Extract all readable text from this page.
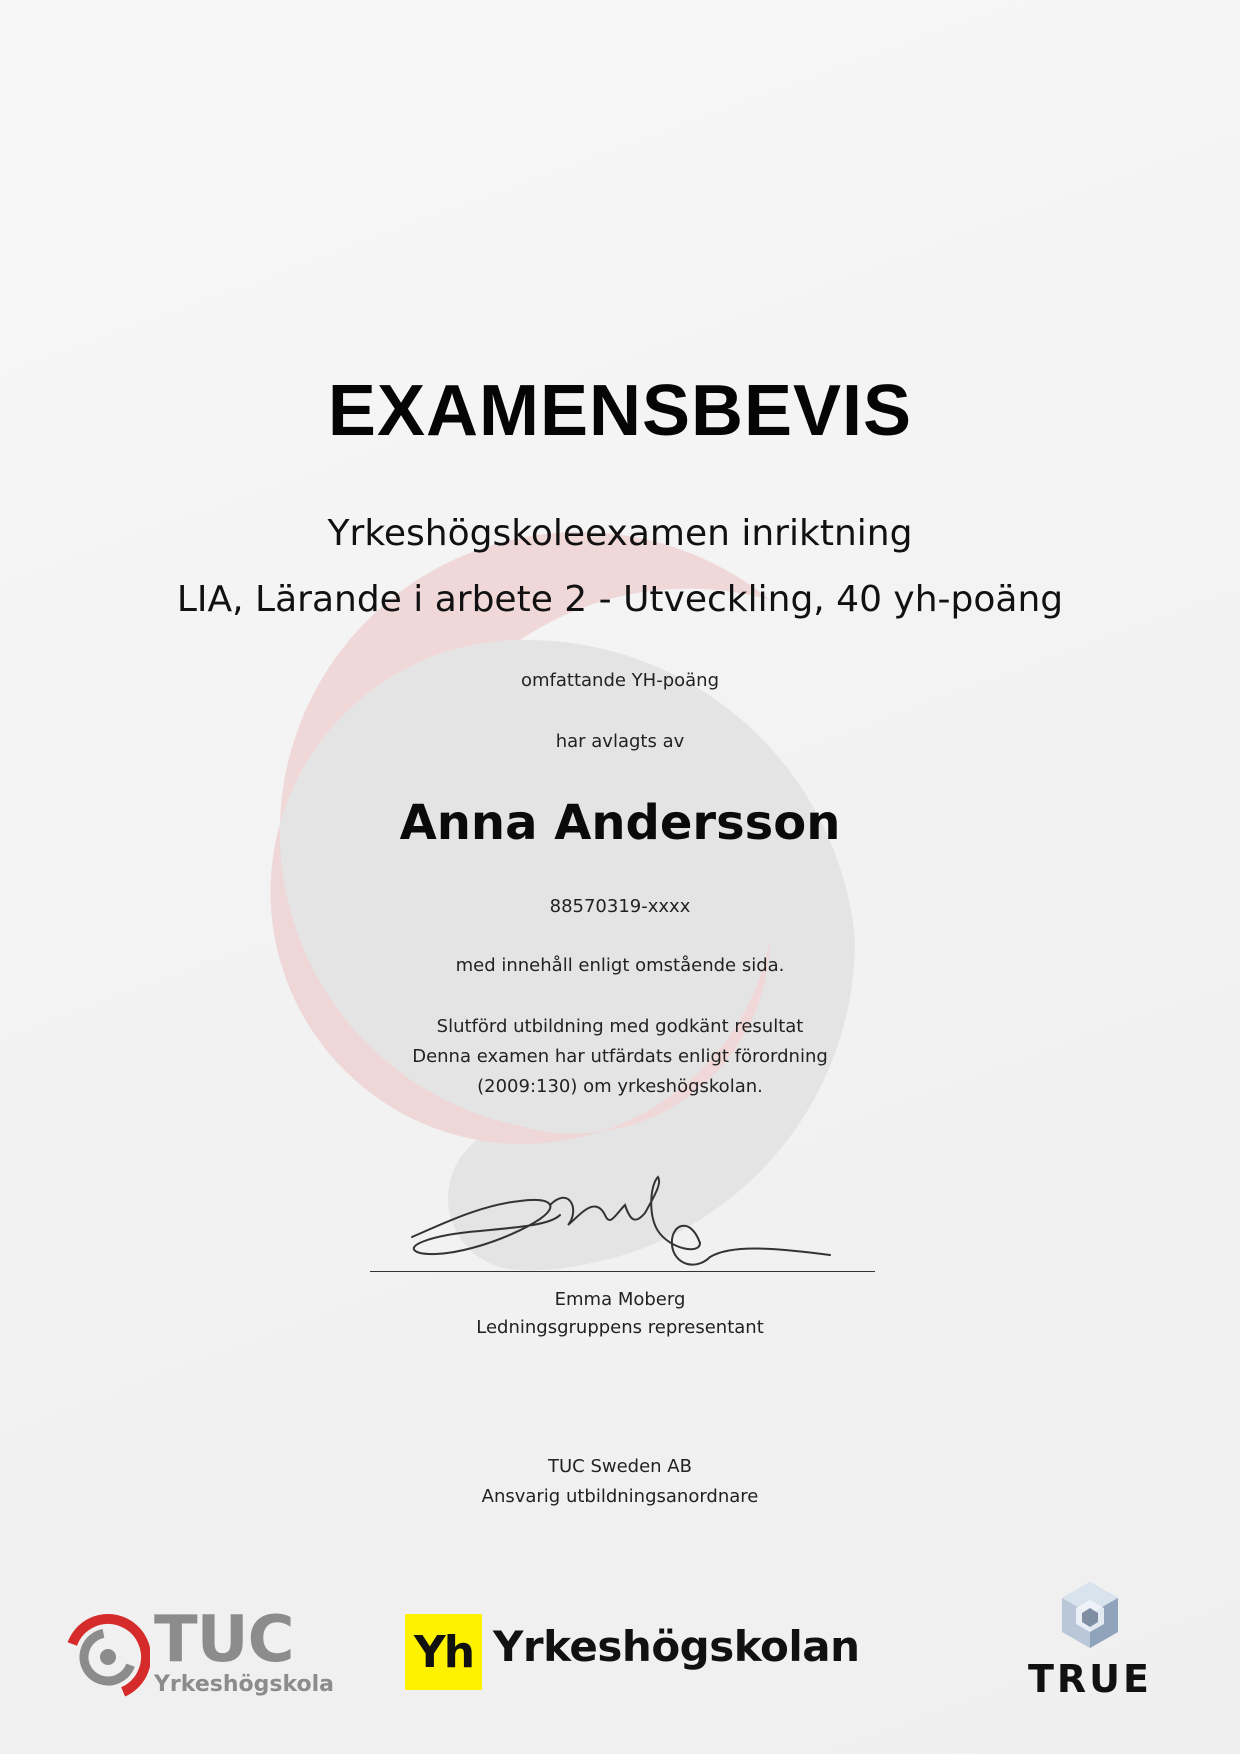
EXAMENSBEVIS
Yrkeshögskoleexamen inriktning
LIA, Lärande i arbete 2 - Utveckling, 40 yh-poäng
omfattande YH-poäng
har avlagts av
Anna Andersson
88570319-xxxx
med innehåll enligt omstående sida.
Slutförd utbildning med godkänt resultat
Denna examen har utfärdats enligt förordning
(2009:130) om yrkeshögskolan.
Emma Moberg
Ledningsgruppens representant
TUC Sweden AB
Ansvarig utbildningsanordnare
TUC
Yrkeshögskola
Yh Yrkeshögskolan
TRUE
